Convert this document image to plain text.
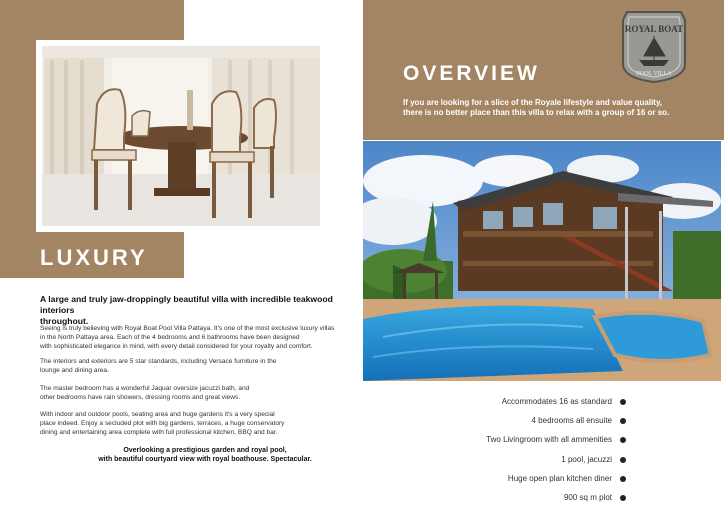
LUXURY
ROYAL BOAT
POOL VILLA
OVERVIEW
If you are looking for a slice of the Royale lifestyle and value quality,
there is no better place than this villa to relax with a group of 16 or so.
A large and truly jaw-droppingly beautiful villa with incredible teakwood interiors
throughout.
Seeing is truly believing with Royal Boat Pool Villa Pattaya. It's one of the most exclusive luxury villas
in the North Pattaya area. Each of the 4 bedrooms and 6 bathrooms have been designed
with sophisticated elegance in mind, with every detail considered for your royalty and comfort.
The interiors and exteriors are 5 star standards, including Versace furniture in the
lounge and dining area.
The master bedroom has a wonderful Jaquar oversize jacuzzi bath, and
other bedrooms have rain showers, dressing rooms and great views.
With indoor and outdoor pools, seating area and huge gardens it's a very special
place indeed. Enjoy a secluded plot with big gardens, terraces, a huge conservatory
dining and entertaining area complete with full professional kitchen, BBQ and bar.
Overlooking a prestigious garden and royal pool,
with beautiful courtyard view with royal boathouse. Spectacular.
Accommodates 16 as standard
4 bedrooms all ensuite
Two Livingroom with all ammenities
1 pool, jacuzzi
Huge open plan kitchen diner
900 sq m plot
